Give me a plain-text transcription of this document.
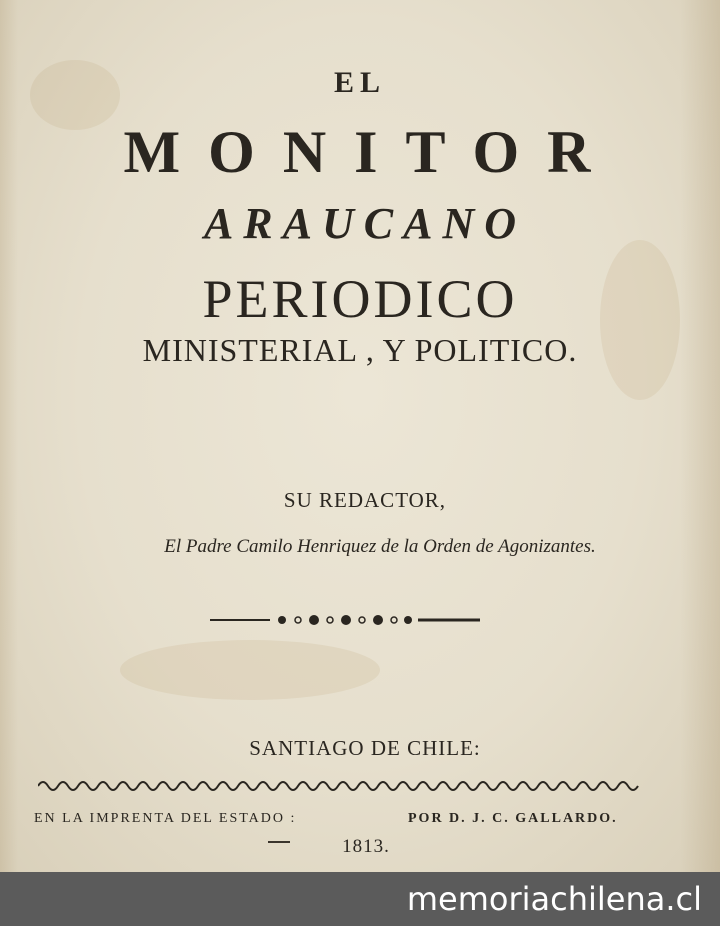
EL

MONITOR

ARAUCANO

PERIODICO

MINISTERIAL , Y POLITICO.

SU REDACTOR,

El Padre Camilo Henriquez de la Orden de Agonizantes.

SANTIAGO DE CHILE:

EN LA IMPRENTA DEL ESTADO :	POR D. J. C. GALLARDO.

1813.

memoriachilena.cl
